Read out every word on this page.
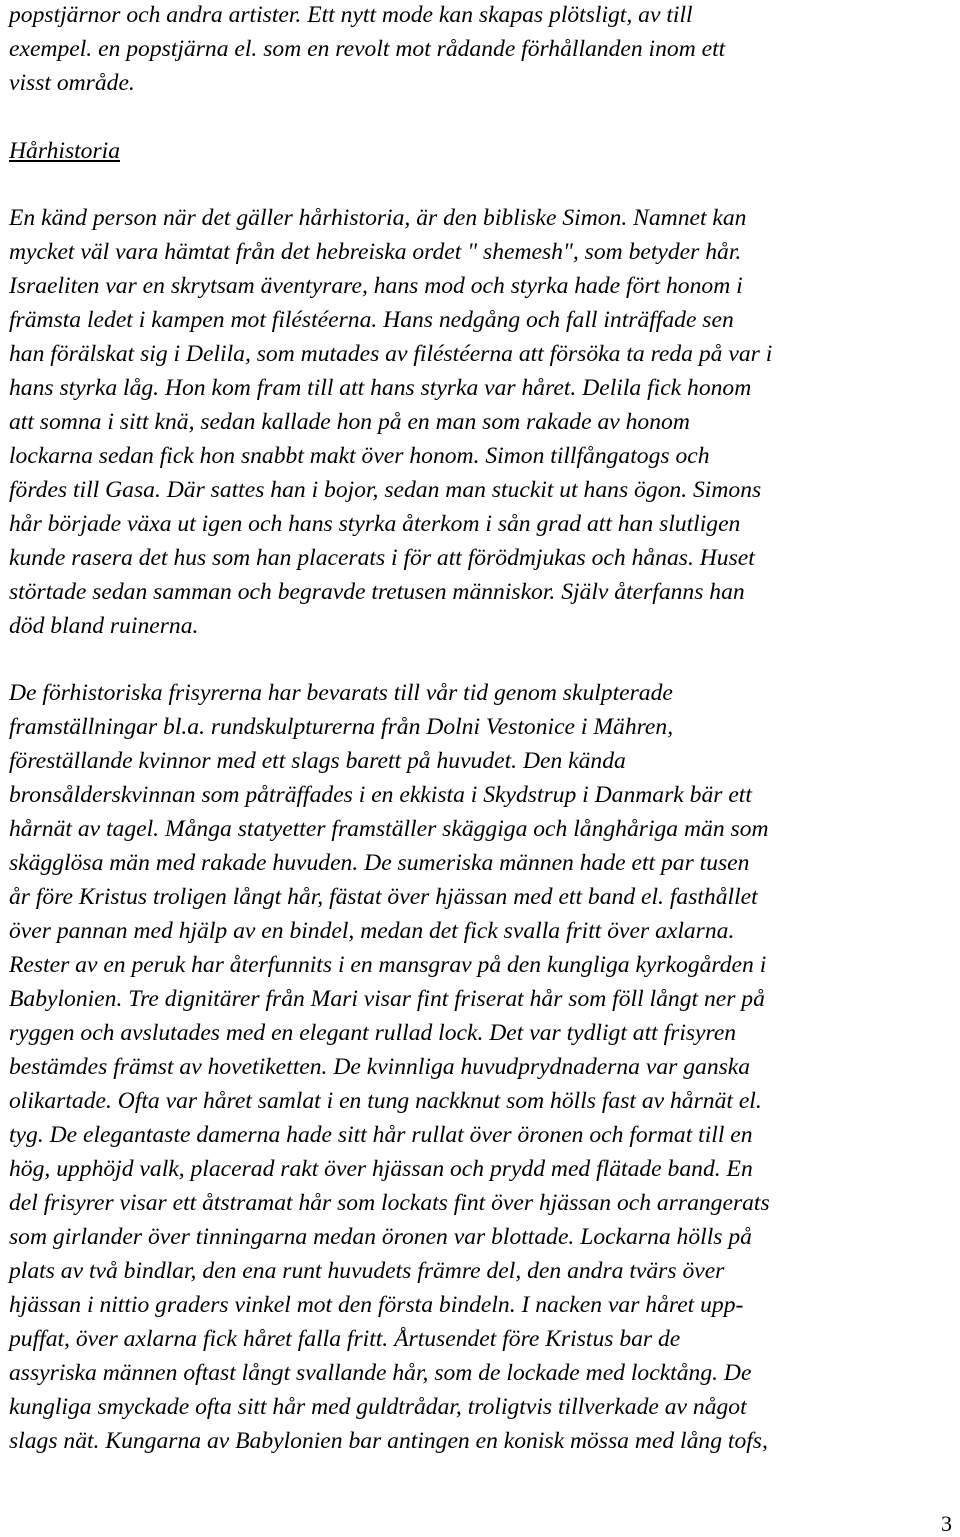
popstjärnor och andra artister. Ett nytt mode kan skapas plötsligt, av till
exempel. en popstjärna el. som en revolt mot rådande förhållanden inom ett
visst område.
Hårhistoria
En känd person när det gäller hårhistoria, är den bibliske Simon. Namnet kan
mycket väl vara hämtat från det hebreiska ordet " shemesh", som betyder hår.
Israeliten var en skrytsam äventyrare, hans mod och styrka hade fört honom i
främsta ledet i kampen mot filéstéerna. Hans nedgång och fall inträffade sen
han förälskat sig i Delila, som mutades av filéstéerna att försöka ta reda på var i
hans styrka låg. Hon kom fram till att hans styrka var håret. Delila fick honom
att somna i sitt knä, sedan kallade hon på en man som rakade av honom
lockarna sedan fick hon snabbt makt över honom. Simon tillfångatogs och
fördes till Gasa. Där sattes han i bojor, sedan man stuckit ut hans ögon. Simons
hår började växa ut igen och hans styrka återkom i sån grad att han slutligen
kunde rasera det hus som han placerats i för att förödmjukas och hånas. Huset
störtade sedan samman och begravde tretusen människor. Själv återfanns han
död bland ruinerna.
De förhistoriska frisyrerna har bevarats till vår tid genom skulpterade
framställningar bl.a. rundskulpturerna från Dolni Vestonice i Mähren,
föreställande kvinnor med ett slags barett på huvudet. Den kända
bronsålderskvinnan som påträffades i en ekkista i Skydstrup i Danmark bär ett
hårnät av tagel. Många statyetter framställer skäggiga och långhåriga män som
skägglösa män med rakade huvuden. De sumeriska männen hade ett par tusen
år före Kristus troligen långt hår, fästat över hjässan med ett band el. fasthållet
över pannan med hjälp av en bindel, medan det fick svalla fritt över axlarna.
Rester av en peruk har återfunnits i en mansgrav på den kungliga kyrkogården i
Babylonien. Tre dignitärer från Mari visar fint friserat hår som föll långt ner på
ryggen och avslutades med en elegant rullad lock. Det var tydligt att frisyren
bestämdes främst av hovetiketten. De kvinnliga huvudprydnaderna var ganska
olikartade. Ofta var håret samlat i en tung nackknut som hölls fast av hårnät el.
tyg. De elegantaste damerna hade sitt hår rullat över öronen och format till en
hög, upphöjd valk, placerad rakt över hjässan och prydd med flätade band. En
del frisyrer visar ett åtstramat hår som lockats fint över hjässan och arrangerats
som girlander över tinningarna medan öronen var blottade. Lockarna hölls på
plats av två bindlar, den ena runt huvudets främre del, den andra tvärs över
hjässan i nittio graders vinkel mot den första bindeln. I nacken var håret upp-
puffat, över axlarna fick håret falla fritt. Årtusendet före Kristus bar de
assyriska männen oftast långt svallande hår, som de lockade med locktång. De
kungliga smyckade ofta sitt hår med guldtrådar, troligtvis tillverkade av något
slags nät. Kungarna av Babylonien bar antingen en konisk mössa med lång tofs,
3
